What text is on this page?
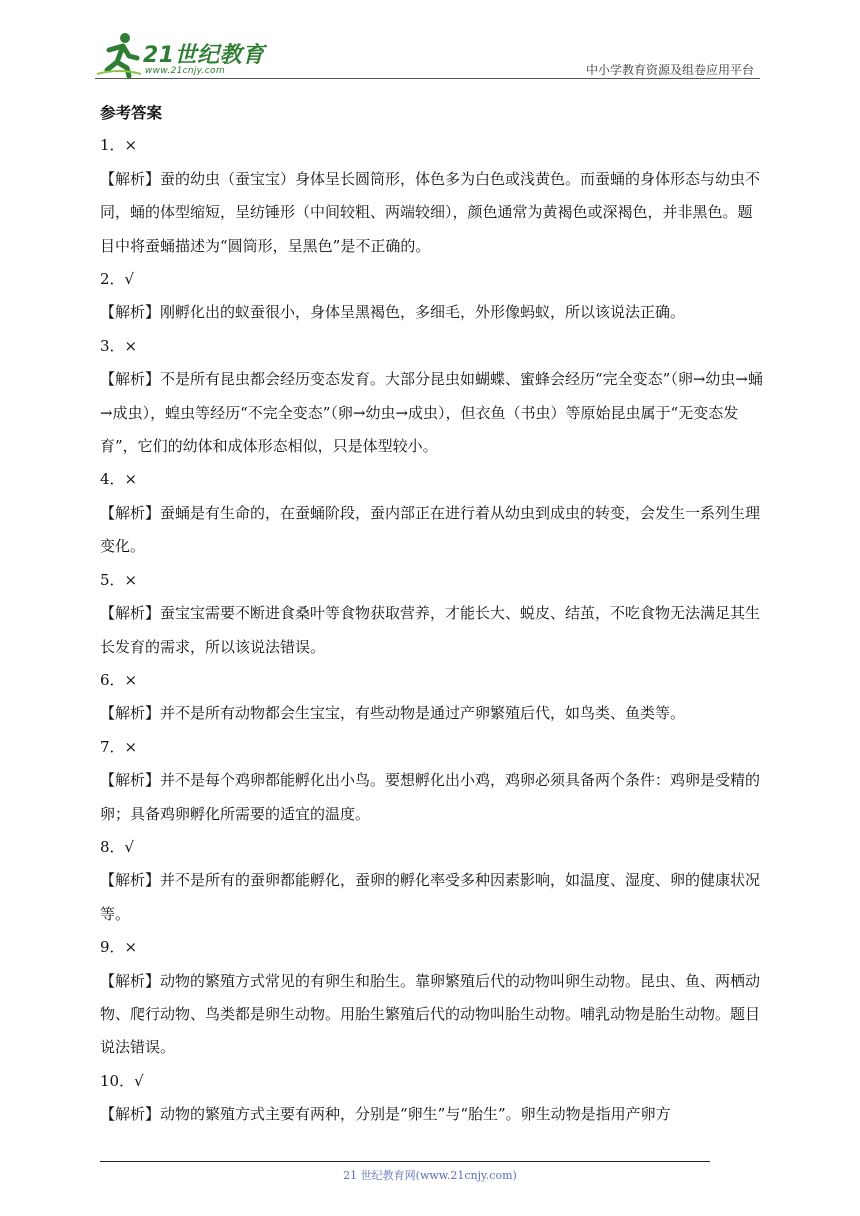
21世纪教育
www.21cnjy.com	中小学教育资源及组卷应用平台
参考答案
1．×
【解析】蚕的幼虫（蚕宝宝）身体呈长圆筒形，体色多为白色或浅黄色。而蚕蛹的身体形态与幼虫不同，蛹的体型缩短，呈纺锤形（中间较粗、两端较细），颜色通常为黄褐色或深褐色，并非黑色。题目中将蚕蛹描述为“圆筒形，呈黑色”是不正确的。
2．√
【解析】刚孵化出的蚁蚕很小，身体呈黑褐色，多细毛，外形像蚂蚁，所以该说法正确。
3．×
【解析】不是所有昆虫都会经历变态发育。大部分昆虫如蝴蝶、蜜蜂会经历“完全变态”（卵→幼虫→蛹→成虫），蝗虫等经历“不完全变态”（卵→幼虫→成虫），但衣鱼（书虫）等原始昆虫属于“无变态发育”，它们的幼体和成体形态相似，只是体型较小。
4．×
【解析】蚕蛹是有生命的，在蚕蛹阶段，蚕内部正在进行着从幼虫到成虫的转变，会发生一系列生理变化。
5．×
【解析】蚕宝宝需要不断进食桑叶等食物获取营养，才能长大、蜕皮、结茧，不吃食物无法满足其生长发育的需求，所以该说法错误。
6．×
【解析】并不是所有动物都会生宝宝，有些动物是通过产卵繁殖后代，如鸟类、鱼类等。
7．×
【解析】并不是每个鸡卵都能孵化出小鸟。要想孵化出小鸡，鸡卵必须具备两个条件：鸡卵是受精的卵；具备鸡卵孵化所需要的适宜的温度。
8．√
【解析】并不是所有的蚕卵都能孵化，蚕卵的孵化率受多种因素影响，如温度、湿度、卵的健康状况等。
9．×
【解析】动物的繁殖方式常见的有卵生和胎生。靠卵繁殖后代的动物叫卵生动物。昆虫、鱼、两栖动物、爬行动物、鸟类都是卵生动物。用胎生繁殖后代的动物叫胎生动物。哺乳动物是胎生动物。题目说法错误。
10．√
【解析】动物的繁殖方式主要有两种，分别是“卵生”与“胎生”。卵生动物是指用产卵方
21 世纪教育网(www.21cnjy.com)
